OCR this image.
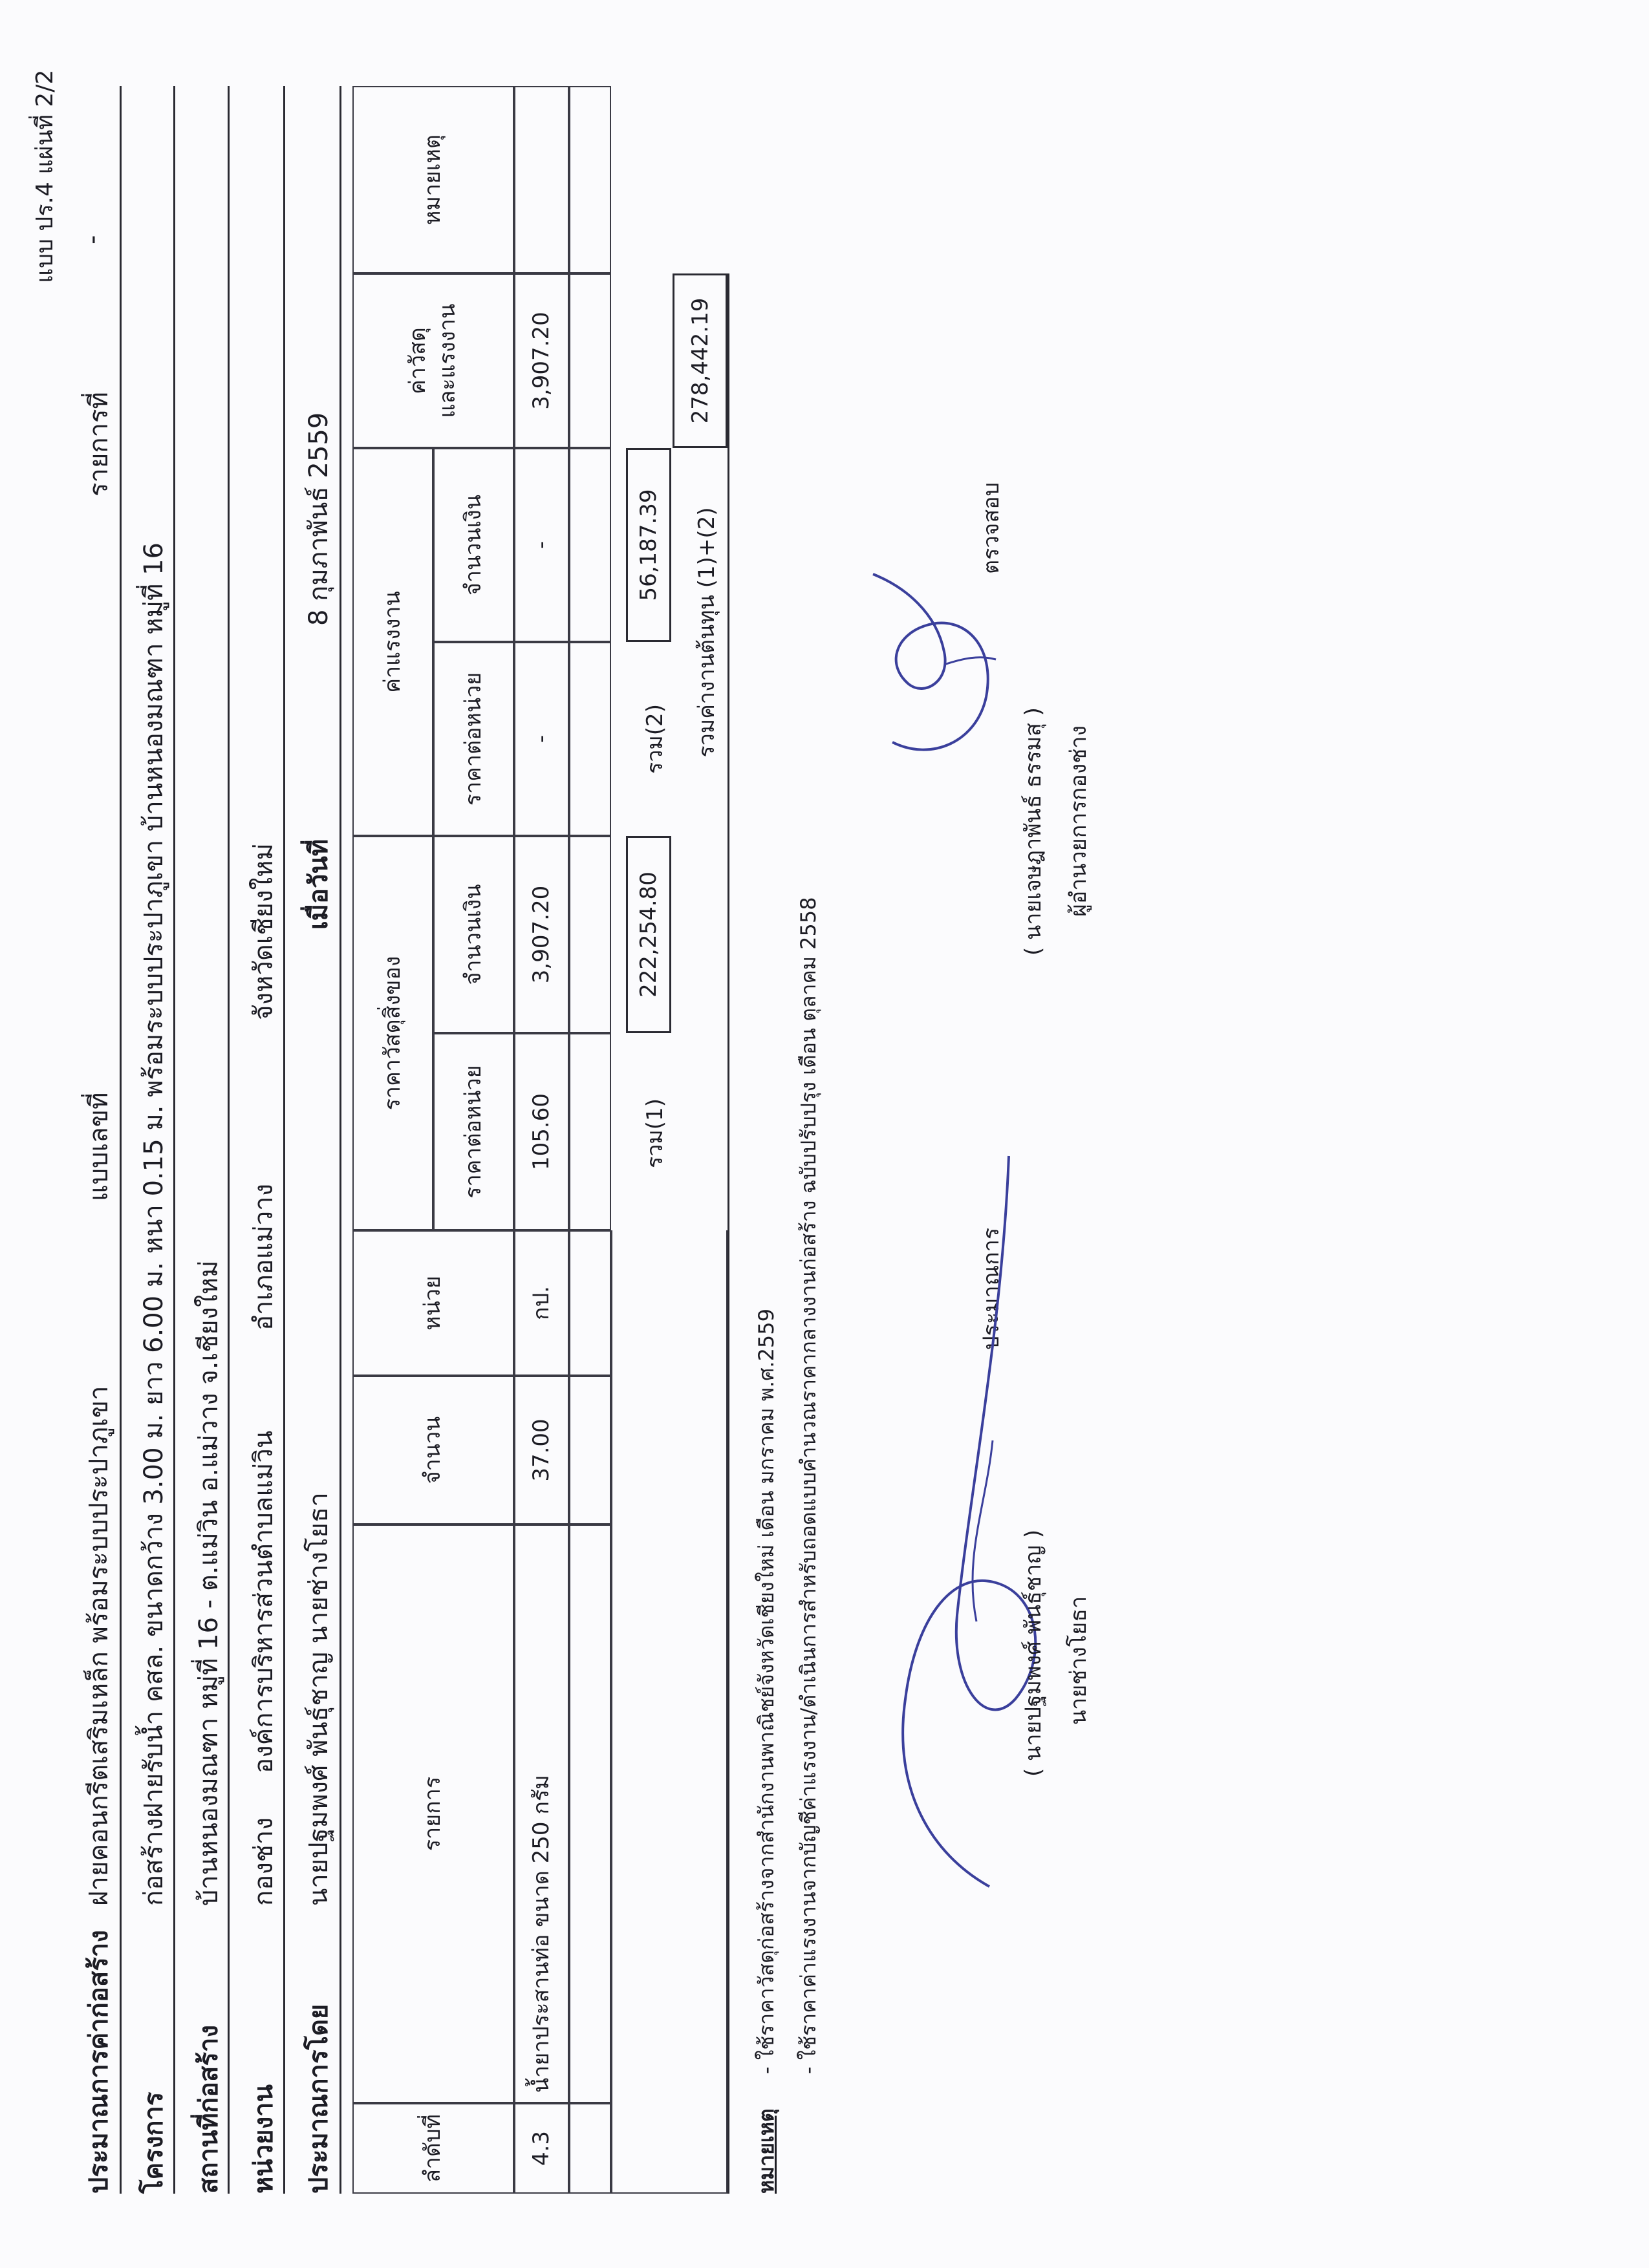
แบบ ปร.4 แผ่นที่ 2/2
ประมาณการค่าก่อสร้าง
ฝายคอนกรีตเสริมเหล็ก พร้อมระบบประปาภูเขา
แบบเลขที่
รายการที่
-
โครงการ
ก่อสร้างฝายรับน้ำ คสล. ขนาดกว้าง 3.00 ม. ยาว 6.00 ม. หนา 0.15 ม. พร้อมระบบประปาภูเขา บ้านหนองมณฑา หมู่ที่ 16
สถานที่ก่อสร้าง
บ้านหนองมณฑา หมู่ที่ 16 - ต.แม่วิน อ.แม่วาง จ.เชียงใหม่
หน่วยงาน
กองช่าง
องค์การบริหารส่วนตำบลแม่วิน
อำเภอแม่วาง
จังหวัดเชียงใหม่
ประมาณการโดย
นายปฐมพงศ์ พันธุ์ชาญ นายช่างโยธา
เมื่อวันที่
8 กุมภาพันธ์ 2559
ลำดับที่
รายการ
จำนวน
หน่วย
ราคาวัสดุสิ่งของ
ราคาต่อหน่วย
จำนวนเงิน
ค่าแรงงาน
ราคาต่อหน่วย
จำนวนเงิน
ค่าวัสดุ และแรงงาน
หมายเหตุ
4.3
น้ำยาประสานท่อ ขนาด 250 กรัม
37.00
กป.
105.60
3,907.20
-
-
3,907.20
รวม(1)
222,254.80
รวม(2)
56,187.39 รวมค่างานต้นทุน (1)+(2)
278,442.19
หมายเหตุ
- ใช้ราคาวัสดุก่อสร้างจากสำนักงานพาณิชย์จังหวัดเชียงใหม่ เดือน มกราคม พ.ศ.2559 - ใช้ราคาค่าแรงงานจากบัญชีค่าแรงงาน/ดำเนินการสำหรับถอดแบบคำนวณราคากลางงานก่อสร้าง ฉบับปรับปรุง เดือน ตุลาคม 2558	ประมาณการ
( นายปฐมพงศ์ พันธุ์ชาญ ) นายช่างโยธา
ตรวจสอบ
( นายเจษฎาพันธ์ ธรรมสุ ) ผู้อำนวยการกองช่าง
